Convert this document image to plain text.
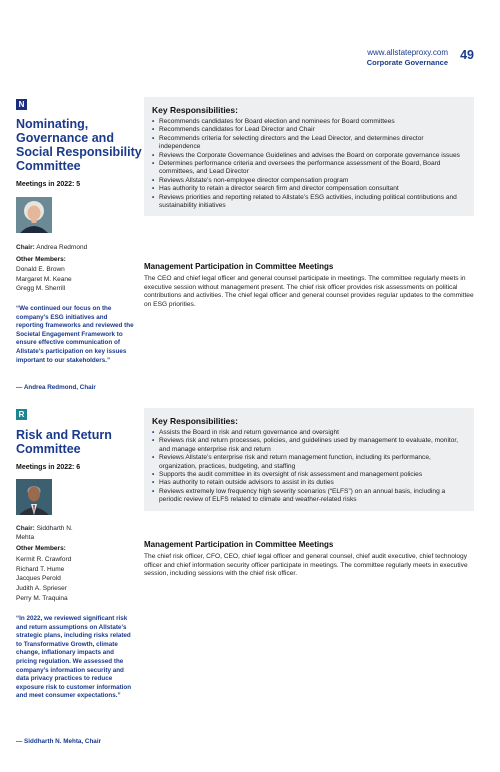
www.allstateproxy.com
Corporate Governance
49
N
Nominating, Governance and Social Responsibility Committee
Meetings in 2022: 5
Chair: Andrea Redmond
Other Members:
Donald E. Brown
Margaret M. Keane
Gregg M. Sherrill
“We continued our focus on the company’s ESG initiatives and reporting frameworks and reviewed the Societal Engagement Framework to ensure effective communication of Allstate’s participation on key issues important to our stakeholders.”
— Andrea Redmond, Chair
Key Responsibilities:
• Recommends candidates for Board election and nominees for Board committees
• Recommends candidates for Lead Director and Chair
• Recommends criteria for selecting directors and the Lead Director, and determines director independence
• Reviews the Corporate Governance Guidelines and advises the Board on corporate governance issues
• Determines performance criteria and oversees the performance assessment of the Board, Board committees, and Lead Director
• Reviews Allstate’s non-employee director compensation program
• Has authority to retain a director search firm and director compensation consultant
• Reviews priorities and reporting related to Allstate’s ESG activities, including political contributions and sustainability initiatives
Management Participation in Committee Meetings
The CEO and chief legal officer and general counsel participate in meetings. The committee regularly meets in executive session without management present. The chief risk officer provides risk assessments on political contributions and activities. The chief legal officer and general counsel provides regular updates to the committee on ESG priorities.
R
Risk and Return Committee
Meetings in 2022: 6
Chair: Siddharth N. Mehta
Other Members:
Kermit R. Crawford
Richard T. Hume
Jacques Perold
Judith A. Sprieser
Perry M. Traquina
“In 2022, we reviewed significant risk and return assumptions on Allstate’s strategic plans, including risks related to Transformative Growth, climate change, inflationary impacts and pricing regulation. We assessed the company’s information security and data privacy practices to reduce exposure risk to customer information and meet consumer expectations.”
— Siddharth N. Mehta, Chair
Key Responsibilities:
• Assists the Board in risk and return governance and oversight
• Reviews risk and return processes, policies, and guidelines used by management to evaluate, monitor, and manage enterprise risk and return
• Reviews Allstate’s enterprise risk and return management function, including its performance, organization, practices, budgeting, and staffing
• Supports the audit committee in its oversight of risk assessment and management policies
• Has authority to retain outside advisors to assist in its duties
• Reviews extremely low frequency high severity scenarios (“ELFS”) on an annual basis, including a periodic review of ELFS related to climate and weather-related risks
Management Participation in Committee Meetings
The chief risk officer, CFO, CEO, chief legal officer and general counsel, chief audit executive, chief technology officer and chief information security officer participate in meetings. The committee regularly meets in executive session, including sessions with the chief risk officer.
